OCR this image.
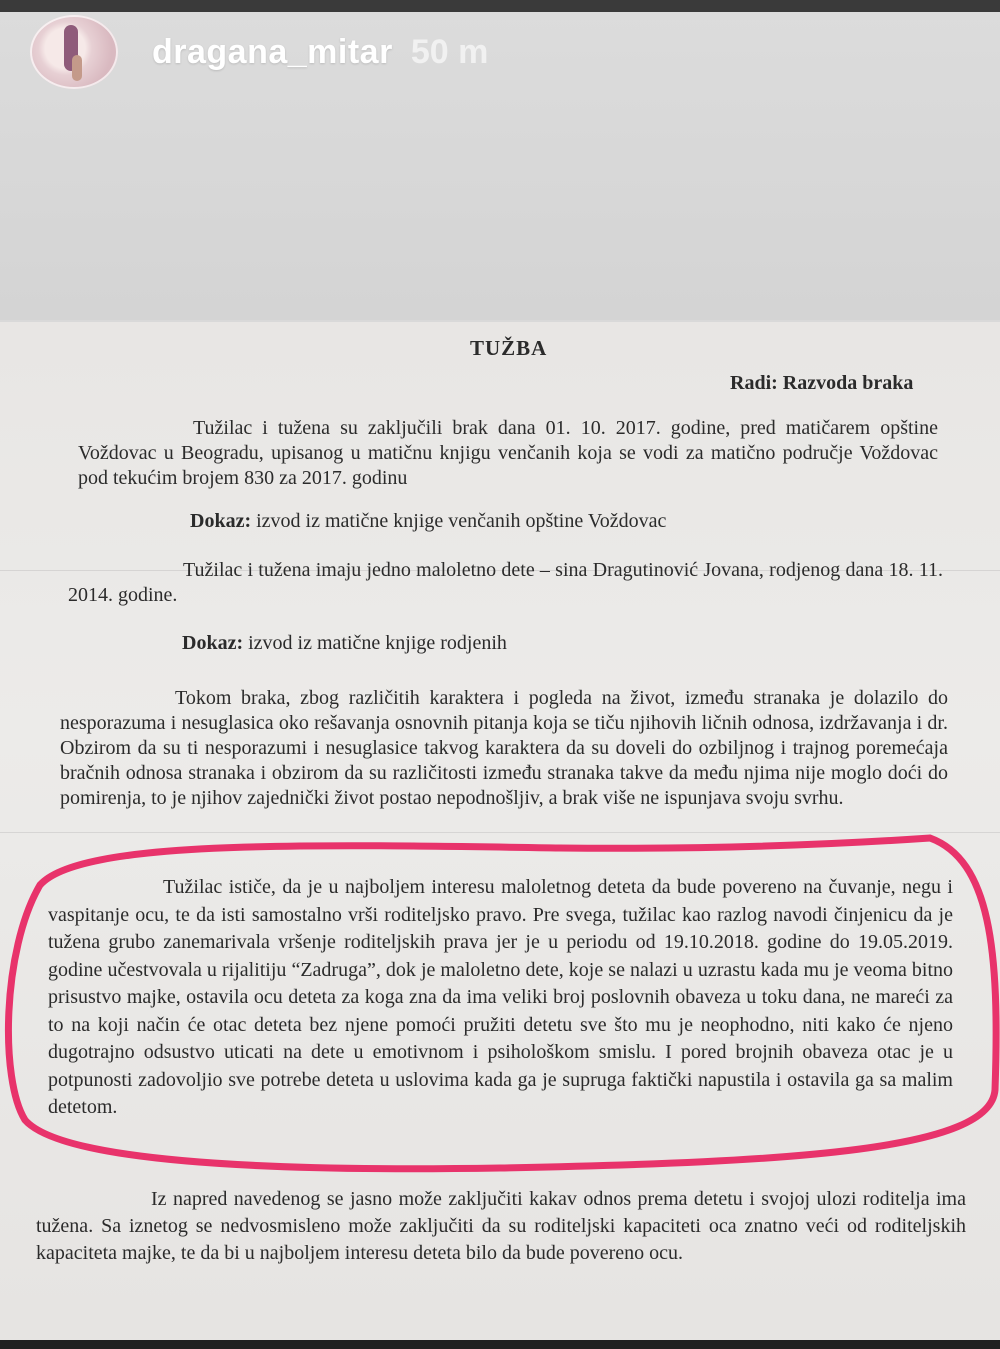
dragana_mitar 50 m
TUŽBA
Radi: Razvoda braka
Tužilac i tužena su zaključili brak dana 01. 10. 2017. godine, pred matičarem opštine Voždovac u Beogradu, upisanog u matičnu knjigu venčanih koja se vodi za matično područje Voždovac pod tekućim brojem 830 za 2017. godinu
Dokaz: izvod iz matične knjige venčanih opštine Voždovac
Tužilac i tužena imaju jedno maloletno dete – sina Dragutinović Jovana, rodjenog dana 18. 11. 2014. godine.
Dokaz: izvod iz matične knjige rodjenih
Tokom braka, zbog različitih karaktera i pogleda na život, između stranaka je dolazilo do nesporazuma i nesuglasica oko rešavanja osnovnih pitanja koja se tiču njihovih ličnih odnosa, izdržavanja i dr. Obzirom da su ti nesporazumi i nesuglasice takvog karaktera da su doveli do ozbiljnog i trajnog poremećaja bračnih odnosa stranaka i obzirom da su različitosti između stranaka takve da među njima nije moglo doći do pomirenja, to je njihov zajednički život postao nepodnošljiv, a brak više ne ispunjava svoju svrhu.
Tužilac ističe, da je u najboljem interesu maloletnog deteta da bude povereno na čuvanje, negu i vaspitanje ocu, te da isti samostalno vrši roditeljsko pravo. Pre svega, tužilac kao razlog navodi činjenicu da je tužena grubo zanemarivala vršenje roditeljskih prava jer je u periodu od 19.10.2018. godine do 19.05.2019. godine učestvovala u rijalitiju “Zadruga”, dok je maloletno dete, koje se nalazi u uzrastu kada mu je veoma bitno prisustvo majke, ostavila ocu deteta za koga zna da ima veliki broj poslovnih obaveza u toku dana, ne mareći za to na koji način će otac deteta bez njene pomoći pružiti detetu sve što mu je neophodno, niti kako će njeno dugotrajno odsustvo uticati na dete u emotivnom i psihološkom smislu. I pored brojnih obaveza otac je u potpunosti zadovoljio sve potrebe deteta u uslovima kada ga je supruga faktički napustila i ostavila ga sa malim detetom.
Iz napred navedenog se jasno može zaključiti kakav odnos prema detetu i svojoj ulozi roditelja ima tužena. Sa iznetog se nedvosmisleno može zaključiti da su roditeljski kapaciteti oca znatno veći od roditeljskih kapaciteta majke, te da bi u najboljem interesu deteta bilo da bude povereno ocu.
